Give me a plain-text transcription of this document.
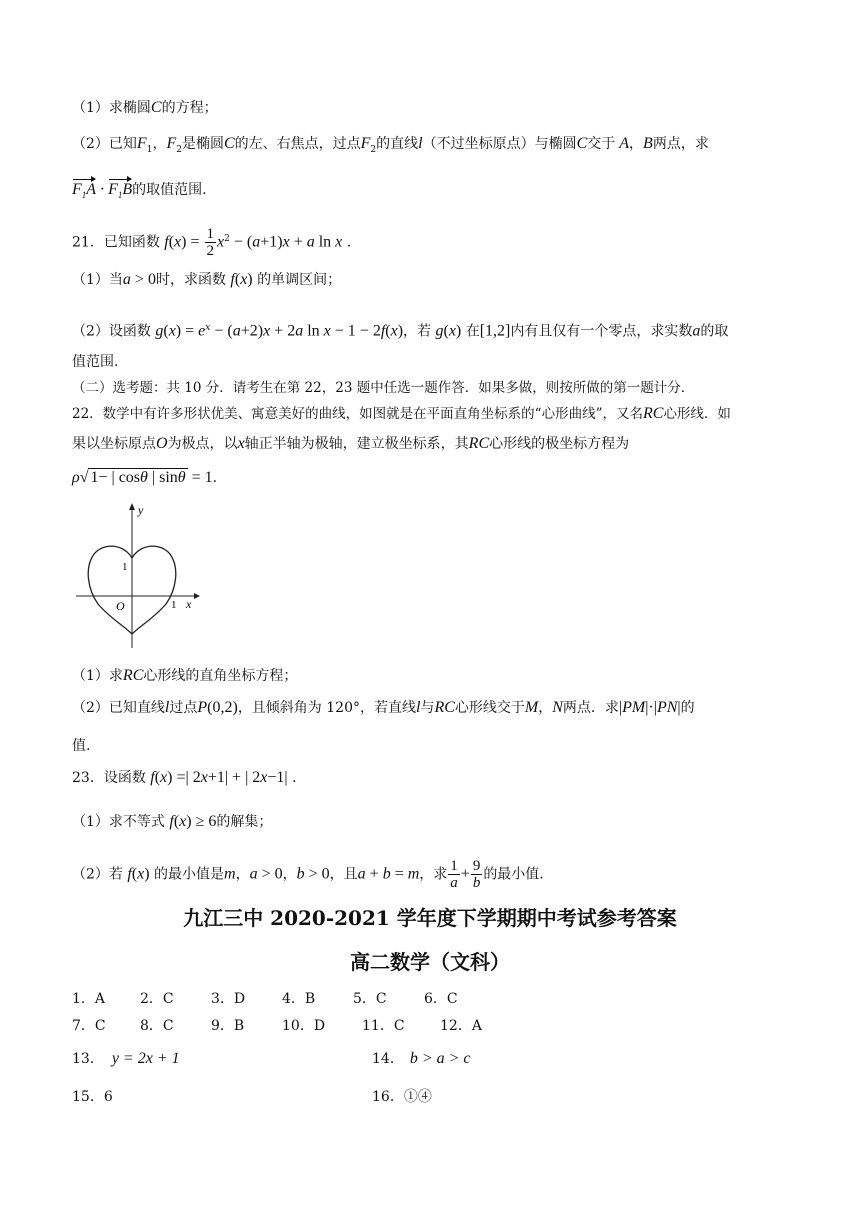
（1）求椭圆C的方程；
（2）已知$F_1$，$F_2$是椭圆C的左、右焦点，过点$F_2$的直线l（不过坐标原点）与椭圆C交于 A，B两点，求
$F_1A \cdot F_1B$的取值范围.
21．已知函数 $f(x) = \frac{1}{2} x^2 - (a+1)x + a$ ln x .
（1）当a > 0时，求函数 f(x) 的单调区间；
（2）设函数 $g(x) = e^x - (a+2)x + 2a$ ln x − 1 − 2f(x)，若 g(x) 在[1,2]内有且仅有一个零点，求实数a的取
值范围.
（二）选考题：共 10 分．请考生在第 22，23 题中任选一题作答．如果多做，则按所做的第一题计分．
22．数学中有许多形状优美、寓意美好的曲线，如图就是在平面直角坐标系的“心形曲线”，又名RC心形线．如
果以坐标原点O为极点，以x轴正半轴为极轴，建立极坐标系，其RC心形线的极坐标方程为
ρ√ 1− | cosθ | sinθ = 1.
y
x
O
1
1
（1）求RC心形线的直角坐标方程；
（2）已知直线l过点P(0,2)，且倾斜角为 120°，若直线l与RC心形线交于M，N两点．求|PM|·|PN|的
值.
23．设函数 f(x) =| 2x+1| + | 2x−1| .
（1）求不等式 f(x) ≥ 6的解集；
（2）若 f(x) 的最小值是m，a > 0，b > 0，且a + b = m，求 $\frac{1}{a} + \frac{9}{b}$ 的最小值.
九江三中 2020-2021 学年度下学期期中考试参考答案
高二数学（文科）
1．A 2．C	3．D	4．B	5．C	6．C
7．C 8．C	9．B	10．D	11．C	12．A
13． y = 2x + 1	14． b > a > c
15．6	16．①④
